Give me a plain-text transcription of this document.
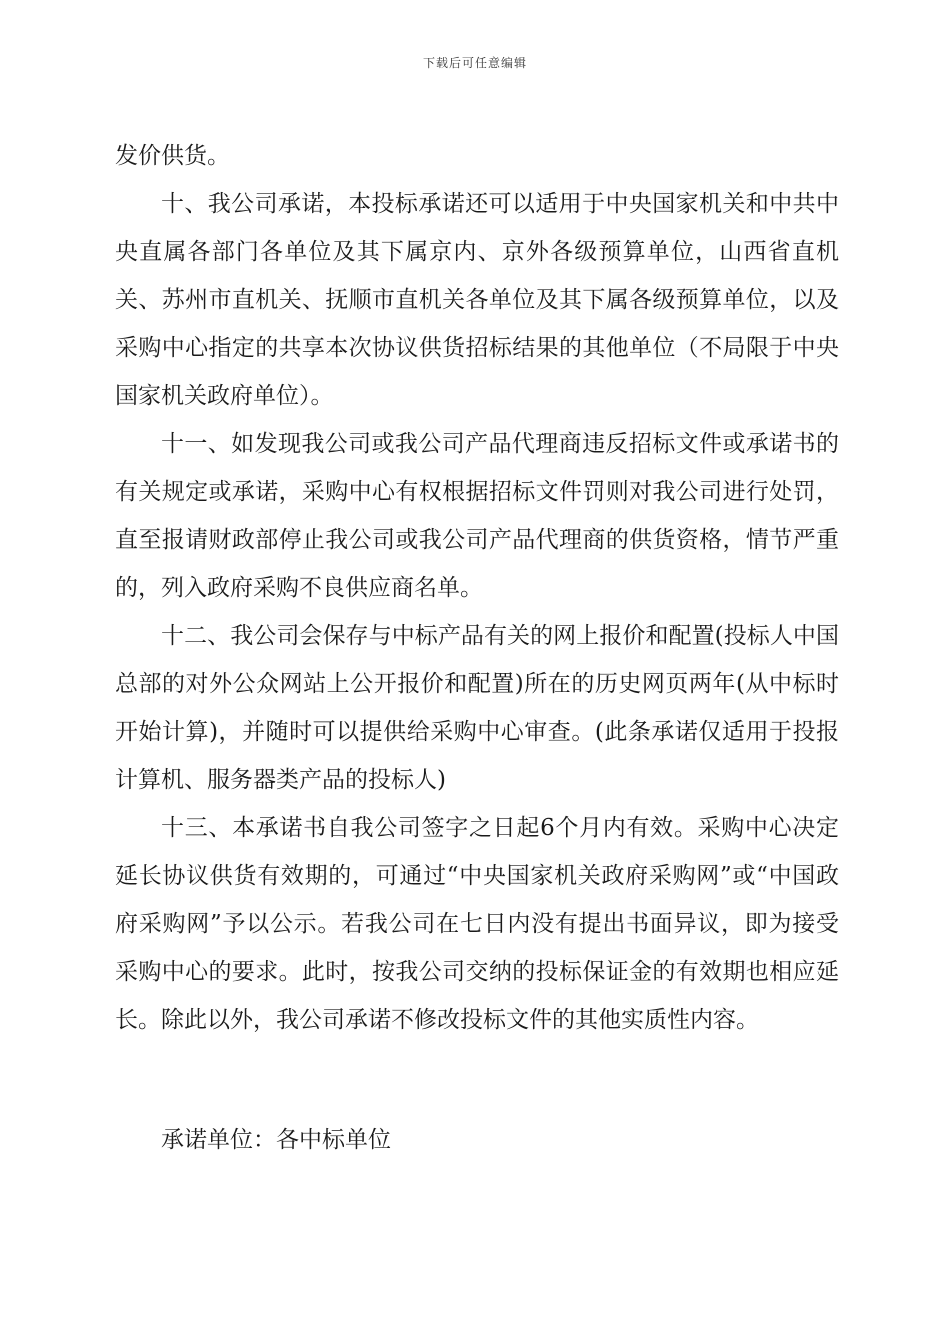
下载后可任意编辑

发价供货。

十、我公司承诺，本投标承诺还可以适用于中央国家机关和中共中央直属各部门各单位及其下属京内、京外各级预算单位，山西省直机关、苏州市直机关、抚顺市直机关各单位及其下属各级预算单位，以及采购中心指定的共享本次协议供货招标结果的其他单位（不局限于中央国家机关政府单位）。

十一、如发现我公司或我公司产品代理商违反招标文件或承诺书的有关规定或承诺，采购中心有权根据招标文件罚则对我公司进行处罚，直至报请财政部停止我公司或我公司产品代理商的供货资格，情节严重的，列入政府采购不良供应商名单。

十二、我公司会保存与中标产品有关的网上报价和配置(投标人中国总部的对外公众网站上公开报价和配置)所在的历史网页两年(从中标时开始计算)，并随时可以提供给采购中心审查。(此条承诺仅适用于投报计算机、服务器类产品的投标人)

十三、本承诺书自我公司签字之日起6个月内有效。采购中心决定延长协议供货有效期的，可通过“中央国家机关政府采购网”或“中国政府采购网”予以公示。若我公司在七日内没有提出书面异议，即为接受采购中心的要求。此时，按我公司交纳的投标保证金的有效期也相应延长。除此以外，我公司承诺不修改投标文件的其他实质性内容。

承诺单位：各中标单位
